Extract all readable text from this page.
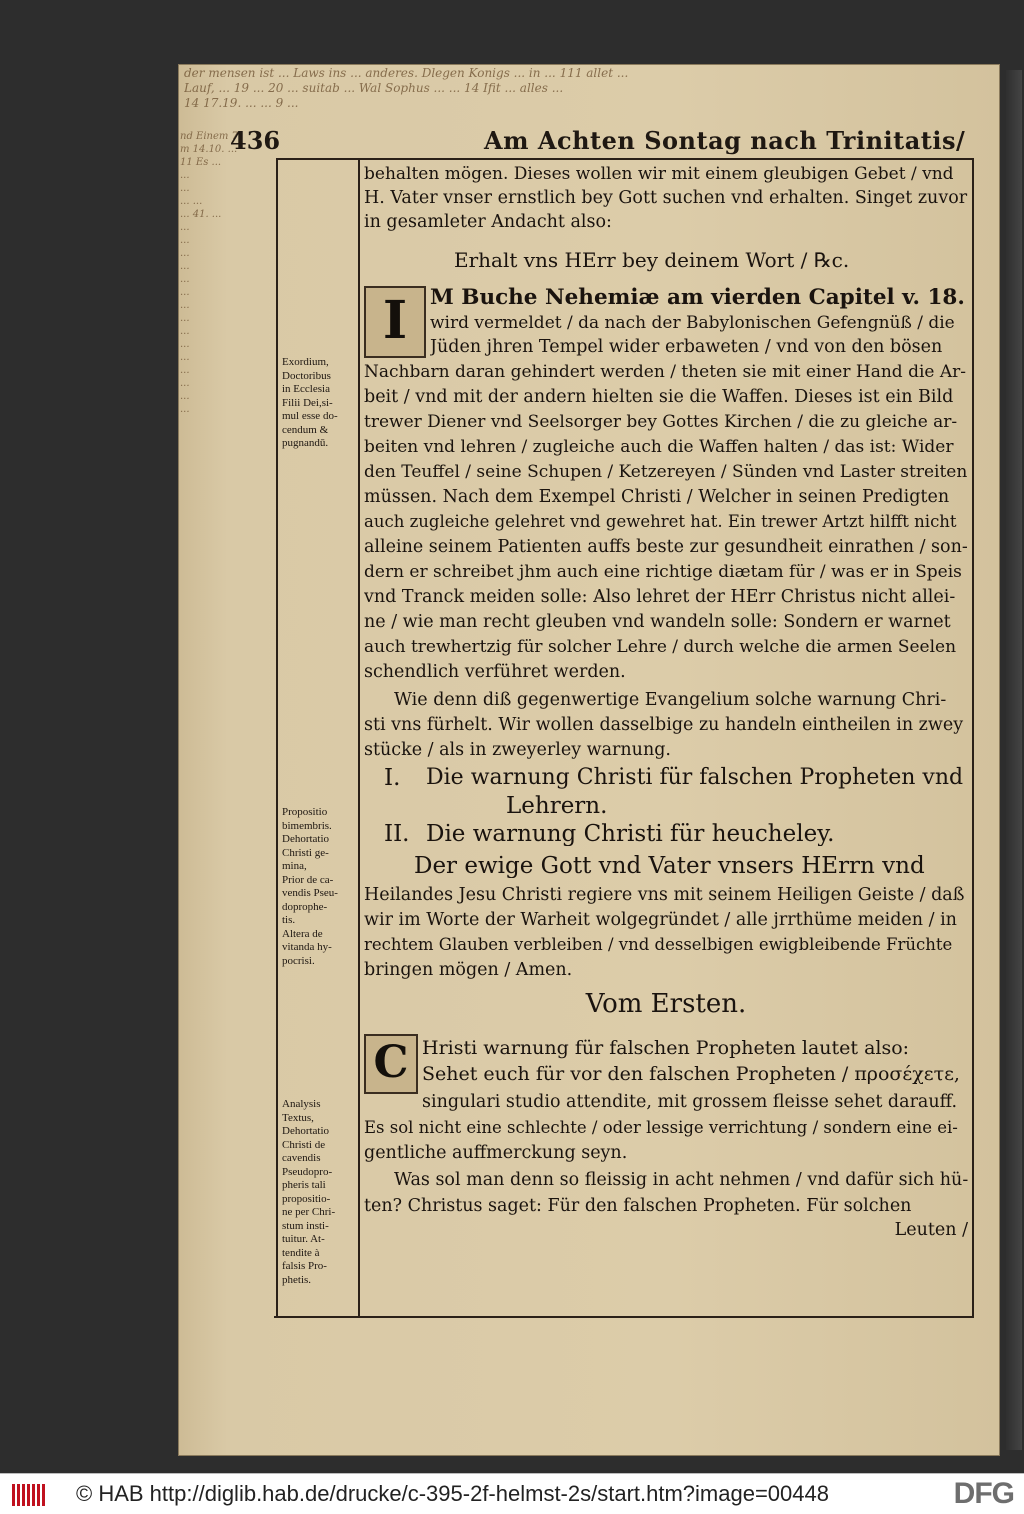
der mensen ist ... Laws ins ... anderes. Dlegen Konigs ... in ... 111 allet ...
Lauf, ... 19 ... 20 ... suitab ... Wal Sophus ... ... 14 Ifit ... alles ...
14 17.19. ... ... 9 ...
nd Einem 7
m 14.10. ...
11 Es ...
...
...
... ...
... 41. ...
...
...
...
...
...
...
...
...
...
...
...
...
...
...
...
436	Am Achten Sontag nach Trinitatis/
Exordium,
Doctoribus
in Ecclesia
Filii Dei,si-
mul esse do-
cendum &
pugnandū.
Propositio
bimembris.
Dehortatio
Christi ge-
mina,
Prior de ca-
vendis Pseu-
doprophe-
tis.
Altera de
vitanda hy-
pocrisi.
Analysis
Textus,
Dehortatio
Christi de
cavendis
Pseudopro-
pheris tali
propositio-
ne per Chri-
stum insti-
tuitur. At-
tendite à
falsis Pro-
phetis.
behalten mögen. Dieses wollen wir mit einem gleubigen Gebet / vnd
H. Vater vnser ernstlich bey Gott suchen vnd erhalten. Singet zuvor
in gesamleter Andacht also:
Erhalt vns HErr bey deinem Wort / ℞c.
I	M Buche Nehemiæ am vierden Capitel v. 18.
wird vermeldet / da nach der Babylonischen Gefengnüß / die
Jüden jhren Tempel wider erbaweten / vnd von den bösen
Nachbarn daran gehindert werden / theten sie mit einer Hand die Ar-
beit / vnd mit der andern hielten sie die Waffen. Dieses ist ein Bild
trewer Diener vnd Seelsorger bey Gottes Kirchen / die zu gleiche ar-
beiten vnd lehren / zugleiche auch die Waffen halten / das ist: Wider
den Teuffel / seine Schupen / Ketzereyen / Sünden vnd Laster streiten
müssen. Nach dem Exempel Christi / Welcher in seinen Predigten
auch zugleiche gelehret vnd gewehret hat. Ein trewer Artzt hilfft nicht
alleine seinem Patienten auffs beste zur gesundheit einrathen / son-
dern er schreibet jhm auch eine richtige diætam für / was er in Speis
vnd Tranck meiden solle: Also lehret der HErr Christus nicht allei-
ne / wie man recht gleuben vnd wandeln solle: Sondern er warnet
auch trewhertzig für solcher Lehre / durch welche die armen Seelen
schendlich verführet werden.
Wie denn diß gegenwertige Evangelium solche warnung Chri-
sti vns fürhelt. Wir wollen dasselbige zu handeln eintheilen in zwey
stücke / als in zweyerley warnung.
I.	Die warnung Christi für falschen Propheten vnd
Lehrern.
II. Die warnung Christi für heucheley.
Der ewige Gott vnd Vater vnsers HErrn vnd
Heilandes Jesu Christi regiere vns mit seinem Heiligen Geiste / daß
wir im Worte der Warheit wolgegründet / alle jrrthüme meiden / in
rechtem Glauben verbleiben / vnd desselbigen ewigbleibende Früchte
bringen mögen / Amen.
Vom Ersten.
C Hristi warnung für falschen Propheten lautet also:
Sehet euch für vor den falschen Propheten / προσέχετε,
singulari studio attendite, mit grossem fleisse sehet darauff.
Es sol nicht eine schlechte / oder lessige verrichtung / sondern eine ei-
gentliche auffmerckung seyn.
Was sol man denn so fleissig in acht nehmen / vnd dafür sich hü-
ten? Christus saget: Für den falschen Propheten. Für solchen
Leuten /
© HAB http://diglib.hab.de/drucke/c-395-2f-helmst-2s/start.htm?image=00448	DFG
